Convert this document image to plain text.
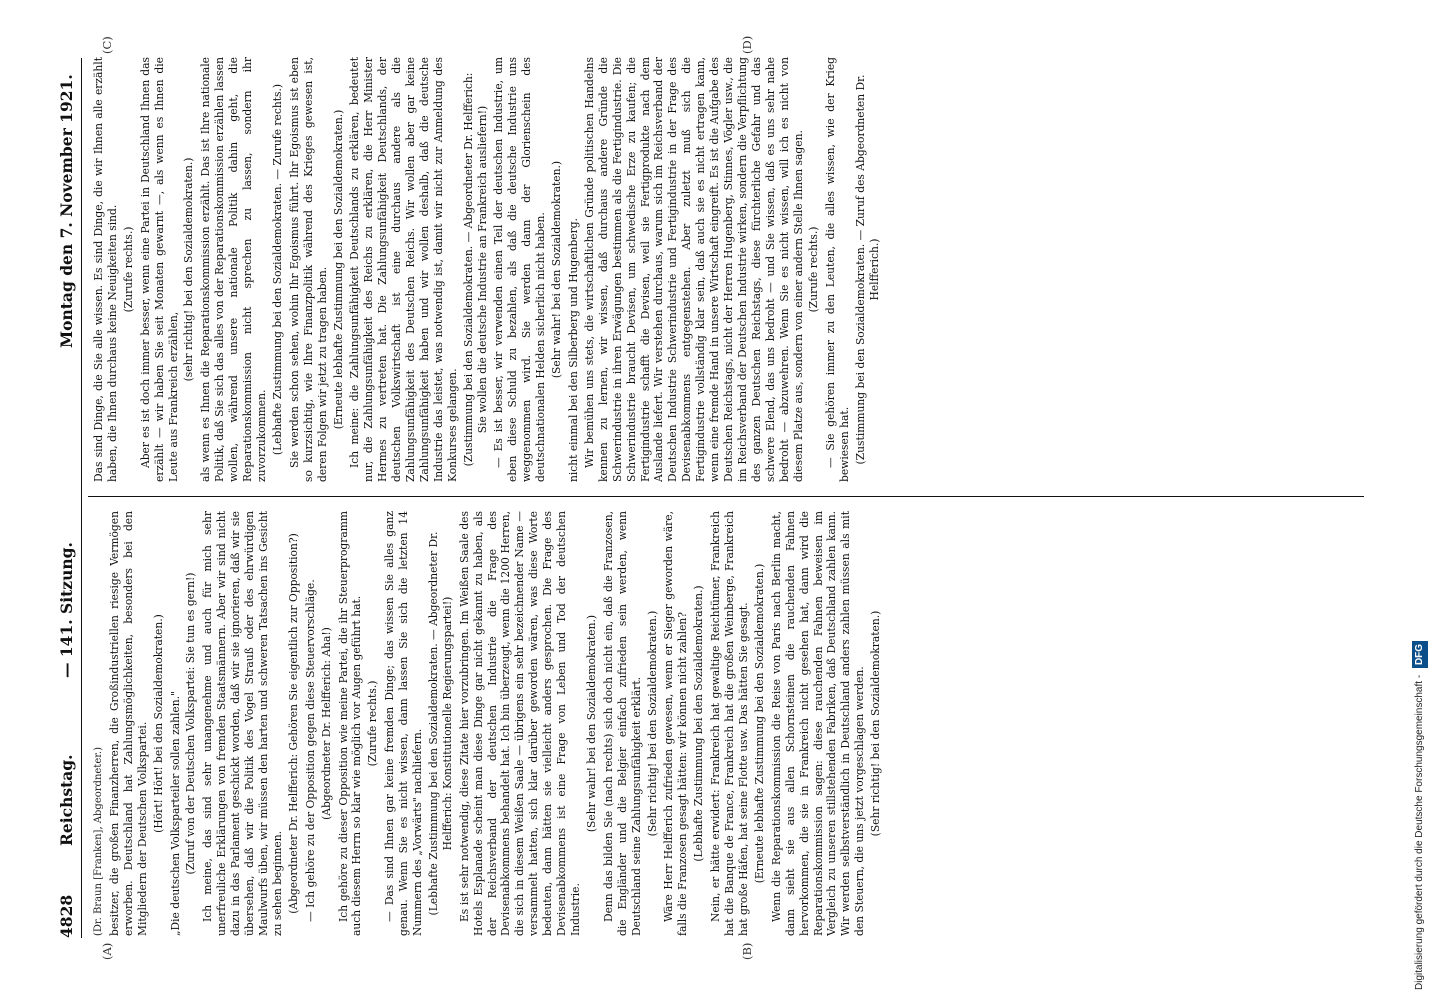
4828
Reichstag.
— 141. Sitzung.
Montag den 7. November 1921.
(A)	(B)
(C)	(D)

(Dr. Braun [Franken], Abgeordneter.) besitzer, die großen Finanzherren, die Großindustriellen riesige Vermögen erworben. Deutschland hat Zahlungsmöglichkeiten, besonders bei den Mitgliedern der Deutschen Volkspartei. (Hört! Hört! bei den Sozialdemokraten.) „Die deutschen Volksparteiler sollen zahlen." (Zuruf von der Deutschen Volkspartei: Sie tun es gern!) Ich meine, das sind sehr unangenehme und auch für mich sehr unerfreuliche Erklärungen von fremden Staatsmännern. Aber wir sind nicht dazu in das Parlament geschickt worden, daß wir sie ignorieren, daß wir sie übersehen, daß wir die Politik des Vogel Strauß oder des ehrwürdigen Maulwurfs üben, wir müssen den harten und schweren Tatsachen ins Gesicht zu sehen beginnen. (Abgeordneter Dr. Helfferich: Gehören Sie eigentlich zur Opposition?) — Ich gehöre zu der Opposition gegen diese Steuervorschläge. (Abgeordneter Dr. Helfferich: Aha!) Ich gehöre zu dieser Opposition wie meine Partei, die ihr Steuerprogramm auch diesem Herrn so klar wie möglich vor Augen geführt hat. (Zurufe rechts.) — Das sind Ihnen gar keine fremden Dinge; das wissen Sie alles ganz genau. Wenn Sie es nicht wissen, dann lassen Sie sich die letzten 14 Nummern des „Vorwärts" nachliefern. (Lebhafte Zustimmung bei den Sozialdemokraten. — Abgeordneter Dr. Helfferich: Konstitutionelle Regierungspartei!) Es ist sehr notwendig, diese Zitate hier vorzubringen. Im Weißen Saale des Hotels Esplanade scheint man diese Dinge gar nicht gekannt zu haben, als der Reichsverband der deutschen Industrie die Frage des Devisenabkommens behandelt hat. Ich bin überzeugt, wenn die 1200 Herren, die sich in diesem Weißen Saale — übrigens ein sehr bezeichnender Name — versammelt hatten, sich klar darüber geworden wären, was diese Worte bedeuten, dann hätten sie vielleicht anders gesprochen. Die Frage des Devisenabkommens ist eine Frage von Leben und Tod der deutschen Industrie.

(Sehr wahr! bei den Sozialdemokraten.) Denn das bilden Sie (nach rechts) sich doch nicht ein, daß die Franzosen, die Engländer und die Belgier einfach zufrieden sein werden, wenn Deutschland seine Zahlungsunfähigkeit erklärt. (Sehr richtig! bei den Sozialdemokraten.) Wäre Herr Helfferich zufrieden gewesen, wenn er Sieger geworden wäre, falls die Franzosen gesagt hätten: wir können nicht zahlen? (Lebhafte Zustimmung bei den Sozialdemokraten.) Nein, er hätte erwidert: Frankreich hat gewaltige Reichtümer, Frankreich hat die Banque de France, Frankreich hat die großen Weinberge, Frankreich hat große Häfen, hat seine Flotte usw. Das hätten Sie gesagt. (Erneute lebhafte Zustimmung bei den Sozialdemokraten.) Wenn die Reparationskommission die Reise von Paris nach Berlin macht, dann sieht sie aus allen Schornsteinen die rauchenden Fahnen hervorkommen, die sie in Frankreich nicht gesehen hat, dann wird die Reparationskommission sagen: diese rauchenden Fahnen beweisen im Vergleich zu unseren stillstehenden Fabriken, daß Deutschland zahlen kann. Wir werden selbstverständlich in Deutschland anders zahlen müssen als mit den Steuern, die uns jetzt vorgeschlagen werden. (Sehr richtig! bei den Sozialdemokraten.)

Das sind Dinge, die Sie alle wissen. Es sind Dinge, die wir Ihnen alle erzählt haben, die Ihnen durchaus keine Neuigkeiten sind. (Zurufe rechts.) Aber es ist doch immer besser, wenn eine Partei in Deutschland Ihnen das erzählt — wir haben Sie seit Monaten gewarnt —, als wenn es Ihnen die Leute aus Frankreich erzählen,

(sehr richtig! bei den Sozialdemokraten.) als wenn es Ihnen die Reparationskommission erzählt. Das ist Ihre nationale Politik, daß Sie sich das alles von der Reparationskommission erzählen lassen wollen, während unsere nationale Politik dahin geht, die Reparationskommission nicht sprechen zu lassen, sondern ihr zuvorzukommen. (Lebhafte Zustimmung bei den Sozialdemokraten. — Zurufe rechts.) Sie werden schon sehen, wohin Ihr Egoismus führt. Ihr Egoismus ist eben so kurzsichtig, wie Ihre Finanzpolitik während des Krieges gewesen ist, deren Folgen wir jetzt zu tragen haben. (Erneute lebhafte Zustimmung bei den Sozialdemokraten.) Ich meine: die Zahlungsunfähigkeit Deutschlands zu erklären, bedeutet nur, die Zahlungsunfähigkeit des Reichs zu erklären, die Herr Minister Hermes zu vertreten hat. Die Zahlungsunfähigkeit Deutschlands, der deutschen Volkswirtschaft ist eine durchaus andere als die Zahlungsunfähigkeit des Deutschen Reichs. Wir wollen aber gar keine Zahlungsunfähigkeit haben und wir wollen deshalb, daß die deutsche Industrie das leistet, was notwendig ist, damit wir nicht zur Anmeldung des Konkurses gelangen. (Zustimmung bei den Sozialdemokraten. — Abgeordneter Dr. Helfferich: Sie wollen die deutsche Industrie an Frankreich ausliefern!) — Es ist besser, wir verwenden einen Teil der deutschen Industrie, um eben diese Schuld zu bezahlen, als daß die deutsche Industrie uns weggenommen wird. Sie werden dann der Glorienschein des deutschnationalen Helden sicherlich nicht haben. (Sehr wahr! bei den Sozialdemokraten.) nicht einmal bei den Silberberg und Hugenberg. Wir bemühen uns stets, die wirtschaftlichen Gründe politischen Handelns kennen zu lernen, wir wissen, daß durchaus andere Gründe die Schwerindustrie in ihren Erwägungen bestimmen als die Fertigindustrie. Die Schwerindustrie braucht Devisen, um schwedische Erze zu kaufen; die Fertigindustrie schafft die Devisen, weil sie Fertigprodukte nach dem Auslande liefert. Wir verstehen durchaus, warum sich im Reichsverband der Deutschen Industrie Schwerindustrie und Fertigindustrie in der Frage des Devisenabkommens entgegenstehen. Aber zuletzt muß sich die Fertigindustrie vollständig klar sein, daß auch sie es nicht ertragen kann, wenn eine fremde Hand in unsere Wirtschaft eingreift. Es ist die Aufgabe des Deutschen Reichstags, nicht der Herren Hugenberg, Stinnes, Vögler usw., die im Reichsverband der Deutschen Industrie wirken, sondern die Verpflichtung des ganzen Deutschen Reichstags, diese fürchterliche Gefahr und das schwere Elend, das uns bedroht — und Sie wissen, daß es uns sehr nahe bedroht — abzuwehren. Wenn Sie es nicht wissen, will ich es nicht von diesem Platze aus, sondern von einer andern Stelle Ihnen sagen. (Zurufe rechts.) — Sie gehören immer zu den Leuten, die alles wissen, wie der Krieg bewiesen hat. (Zustimmung bei den Sozialdemokraten. — Zuruf des Abgeordneten Dr. Helfferich.)

Digitalisierung gefördert durch die Deutsche Forschungsgemeinschaft - DFG
